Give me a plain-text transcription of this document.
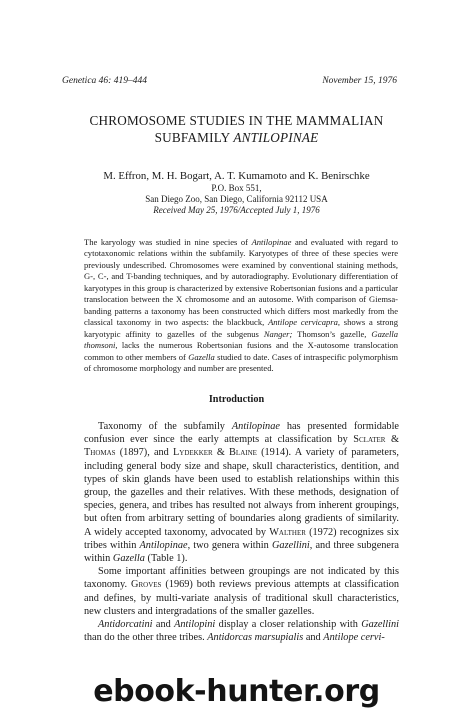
Genetica 46: 419–444	November 15, 1976
CHROMOSOME STUDIES IN THE MAMMALIAN
SUBFAMILY ANTILOPINAE
M. Effron, M. H. Bogart, A. T. Kumamoto and K. Benirschke
P.O. Box 551,
San Diego Zoo, San Diego, California 92112 USA
Received May 25, 1976/Accepted July 1, 1976
The karyology was studied in nine species of Antilopinae and evaluated with regard to cytotaxonomic relations within the subfamily. Karyotypes of three of these species were previously undescribed. Chromosomes were examined by conventional staining methods, G-, C-, and T-banding techniques, and by autoradiography. Evolutionary differentiation of karyotypes in this group is characterized by extensive Robertsonian fusions and a particular translocation between the X chromosome and an autosome. With comparison of Giemsa-banding patterns a taxonomy has been constructed which differs most markedly from the classical taxonomy in two aspects: the blackbuck, Antilope cervicapra, shows a strong karyotypic affinity to gazelles of the subgenus Nanger; Thomson’s gazelle, Gazella thomsoni, lacks the numerous Robertsonian fusions and the X-autosome translocation common to other members of Gazella studied to date. Cases of intraspecific polymorphism of chromosome morphology and number are presented.
Introduction

Taxonomy of the subfamily Antilopinae has presented formidable confusion ever since the early attempts at classification by Sclater & Thomas (1897), and Lydekker & Blaine (1914). A variety of parameters, including general body size and shape, skull characteristics, dentition, and types of skin glands have been used to establish relationships within this group, the gazelles and their relatives. With these methods, designation of species, genera, and tribes has resulted not always from inherent groupings, but often from arbitrary setting of boundaries along gradients of similarity. A widely accepted taxonomy, advocated by Walther (1972) recognizes six tribes within Antilopinae, two genera within Gazellini, and three subgenera within Gazella (Table 1).

Some important affinities between groupings are not indicated by this taxonomy. Groves (1969) both reviews previous attempts at classification and defines, by multi-variate analysis of traditional skull characteristics, new clusters and intergradations of the smaller gazelles.

Antidorcatini and Antilopini display a closer relationship with Gazellini than do the other three tribes. Antidorcas marsupialis and Antilope cervi-

ebook-hunter.org
